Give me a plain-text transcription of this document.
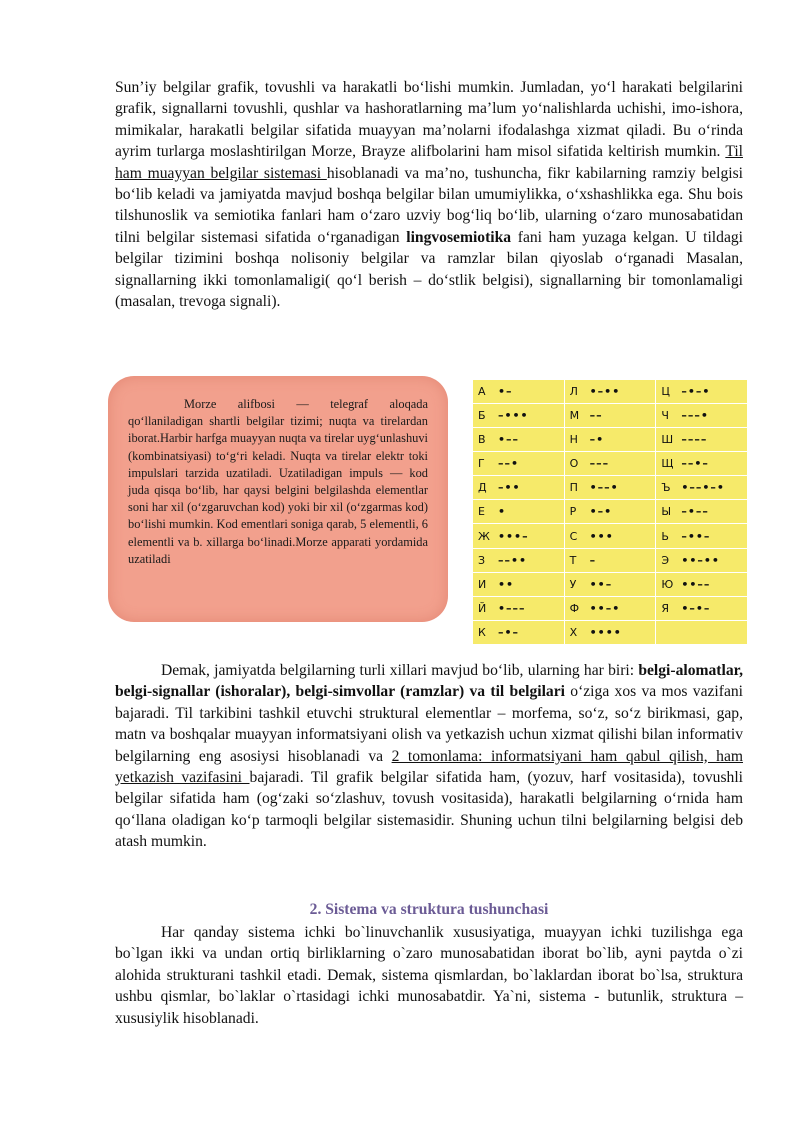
Sun’iy belgilar grafik, tovushli va harakatli bo‘lishi mumkin. Jumladan, yo‘l harakati belgilarini grafik, signallarni tovushli, qushlar va hashoratlarning ma’lum yo‘nalishlarda uchishi, imo-ishora, mimikalar, harakatli belgilar sifatida muayyan ma’nolarni ifodalashga xizmat qiladi. Bu o‘rinda ayrim turlarga moslashtirilgan Morze, Brayze alifbolarini ham misol sifatida keltirish mumkin. Til ham muayyan belgilar sistemasi hisoblanadi va ma’no, tushuncha, fikr kabilarning ramziy belgisi bo‘lib keladi va jamiyatda mavjud boshqa belgilar bilan umumiylikka, o‘xshashlikka ega. Shu bois tilshunoslik va semiotika fanlari ham o‘zaro uzviy bog‘liq bo‘lib, ularning o‘zaro munosabatidan tilni belgilar sistemasi sifatida o‘rganadigan lingvosemiotika fani ham yuzaga kelgan. U tildagi belgilar tizimini boshqa nolisoniy belgilar va ramzlar bilan qiyoslab o‘rganadi Masalan, signallarning ikki tomonlamaligi( qo‘l berish – do‘stlik belgisi), signallarning bir tomonlamaligi (masalan, trevoga signali).

Morze alifbosi — telegraf aloqada qo‘llaniladigan shartli belgilar tizimi; nuqta va tirelardan iborat.Harbir harfga muayyan nuqta va tirelar uyg‘unlashuvi (kombinatsiyasi) to‘g‘ri keladi. Nuqta va tirelar elektr toki impulslari tarzida uzatiladi. Uzatiladigan impuls — kod juda qisqa bo‘lib, har qaysi belgini belgilashda elementlar soni har xil (o‘zgaruvchan kod) yoki bir xil (o‘zgarmas kod) bo‘lishi mumkin. Kod ementlari soniga qarab, 5 elementli, 6 elementli va b. xillarga bo‘linadi.Morze apparati yordamida uzatiladi

А •–	Л •–••	Ц –•–•
Б –•••	М ––	Ч –––•
В •––	Н –•	Ш ––––
Г ––•	О –––	Щ ––•–
Д –••	П •––•	Ъ •––•–•
Е •	Р •–•	Ы –•––
Ж •••–	С •••	Ь –••–
З ––••	Т –	Э ••–••
И ••	У ••–	Ю ••––
Й •–––	Ф ••–•	Я •–•–
К –•–	Х ••••	

Demak, jamiyatda belgilarning turli xillari mavjud bo‘lib, ularning har biri: belgi-alomatlar, belgi-signallar (ishoralar), belgi-simvollar (ramzlar) va til belgilari o‘ziga xos va mos vazifani bajaradi. Til tarkibini tashkil etuvchi struktural elementlar – morfema, so‘z, so‘z birikmasi, gap, matn va boshqalar muayyan informatsiyani olish va yetkazish uchun xizmat qilishi bilan informativ belgilarning eng asosiysi hisoblanadi va 2 tomonlama: informatsiyani ham qabul qilish, ham yetkazish vazifasini bajaradi. Til grafik belgilar sifatida ham, (yozuv, harf vositasida), tovushli belgilar sifatida ham (og‘zaki so‘zlashuv, tovush vositasida), harakatli belgilarning o‘rnida ham qo‘llana oladigan ko‘p tarmoqli belgilar sistemasidir. Shuning uchun tilni belgilarning belgisi deb atash mumkin.

2. Sistema va struktura tushunchasi

Har qanday sistema ichki bo`linuvchanlik xususiyatiga, muayyan ichki tuzilishga ega bo`lgan ikki va undan ortiq birliklarning o`zaro munosabatidan iborat bo`lib, ayni paytda o`zi alohida strukturani tashkil etadi. Demak, sistema qismlardan, bo`laklardan iborat bo`lsa, struktura ushbu qismlar, bo`laklar o`rtasidagi ichki munosabatdir. Ya`ni, sistema - butunlik, struktura – xususiylik hisoblanadi.
